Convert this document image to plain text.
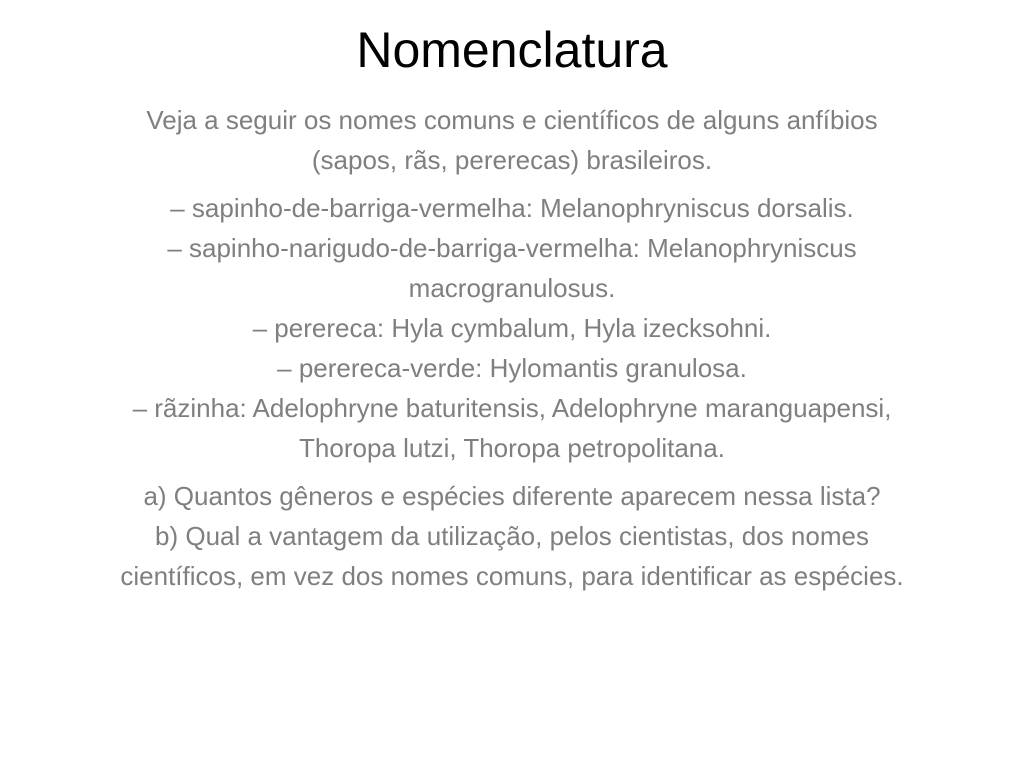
Nomenclatura

Veja a seguir os nomes comuns e científicos de alguns anfíbios
(sapos, rãs, pererecas) brasileiros.

– sapinho-de-barriga-vermelha: Melanophryniscus dorsalis.
– sapinho-narigudo-de-barriga-vermelha: Melanophryniscus
macrogranulosus.
– perereca: Hyla cymbalum, Hyla izecksohni.
– perereca-verde: Hylomantis granulosa.
– rãzinha: Adelophryne baturitensis, Adelophryne maranguapensi,
Thoropa lutzi, Thoropa petropolitana.

a) Quantos gêneros e espécies diferente aparecem nessa lista?
b) Qual a vantagem da utilização, pelos cientistas, dos nomes
científicos, em vez dos nomes comuns, para identificar as espécies.
